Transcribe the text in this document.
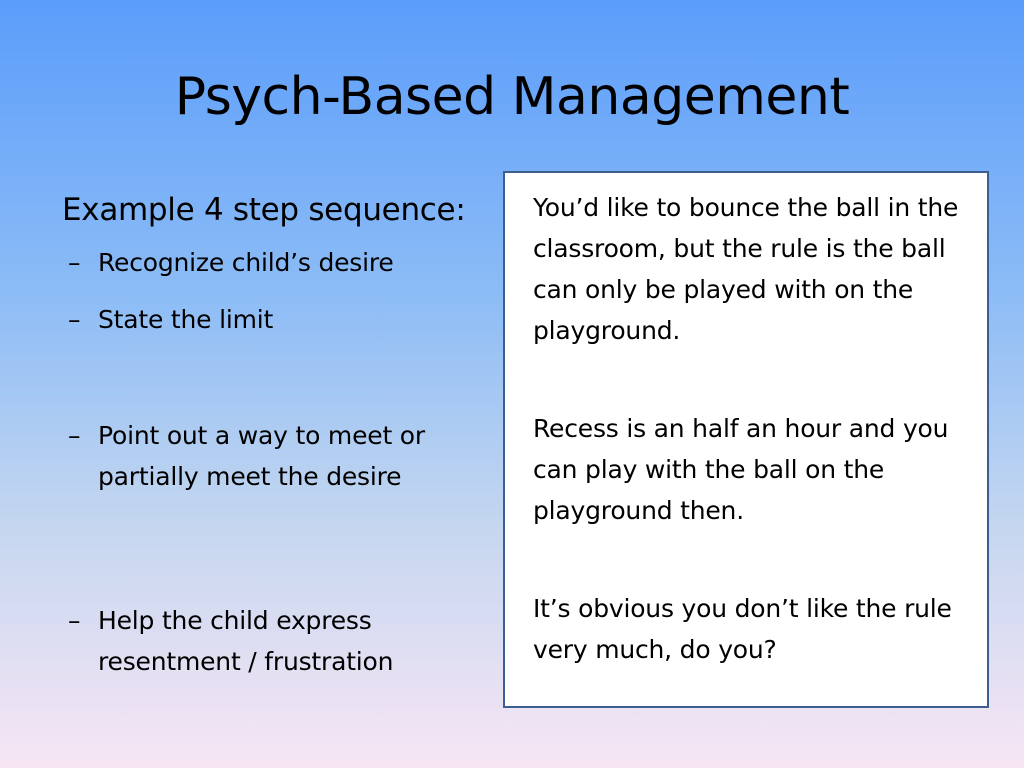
Psych-Based Management

Example 4 step sequence:

– Recognize child’s desire
– State the limit
– Point out a way to meet or partially meet the desire
– Help the child express resentment / frustration

You’d like to bounce the ball in the classroom, but the rule is the ball can only be played with on the playground.

Recess is an half an hour and you can play with the ball on the playground then.

It’s obvious you don’t like the rule very much, do you?
